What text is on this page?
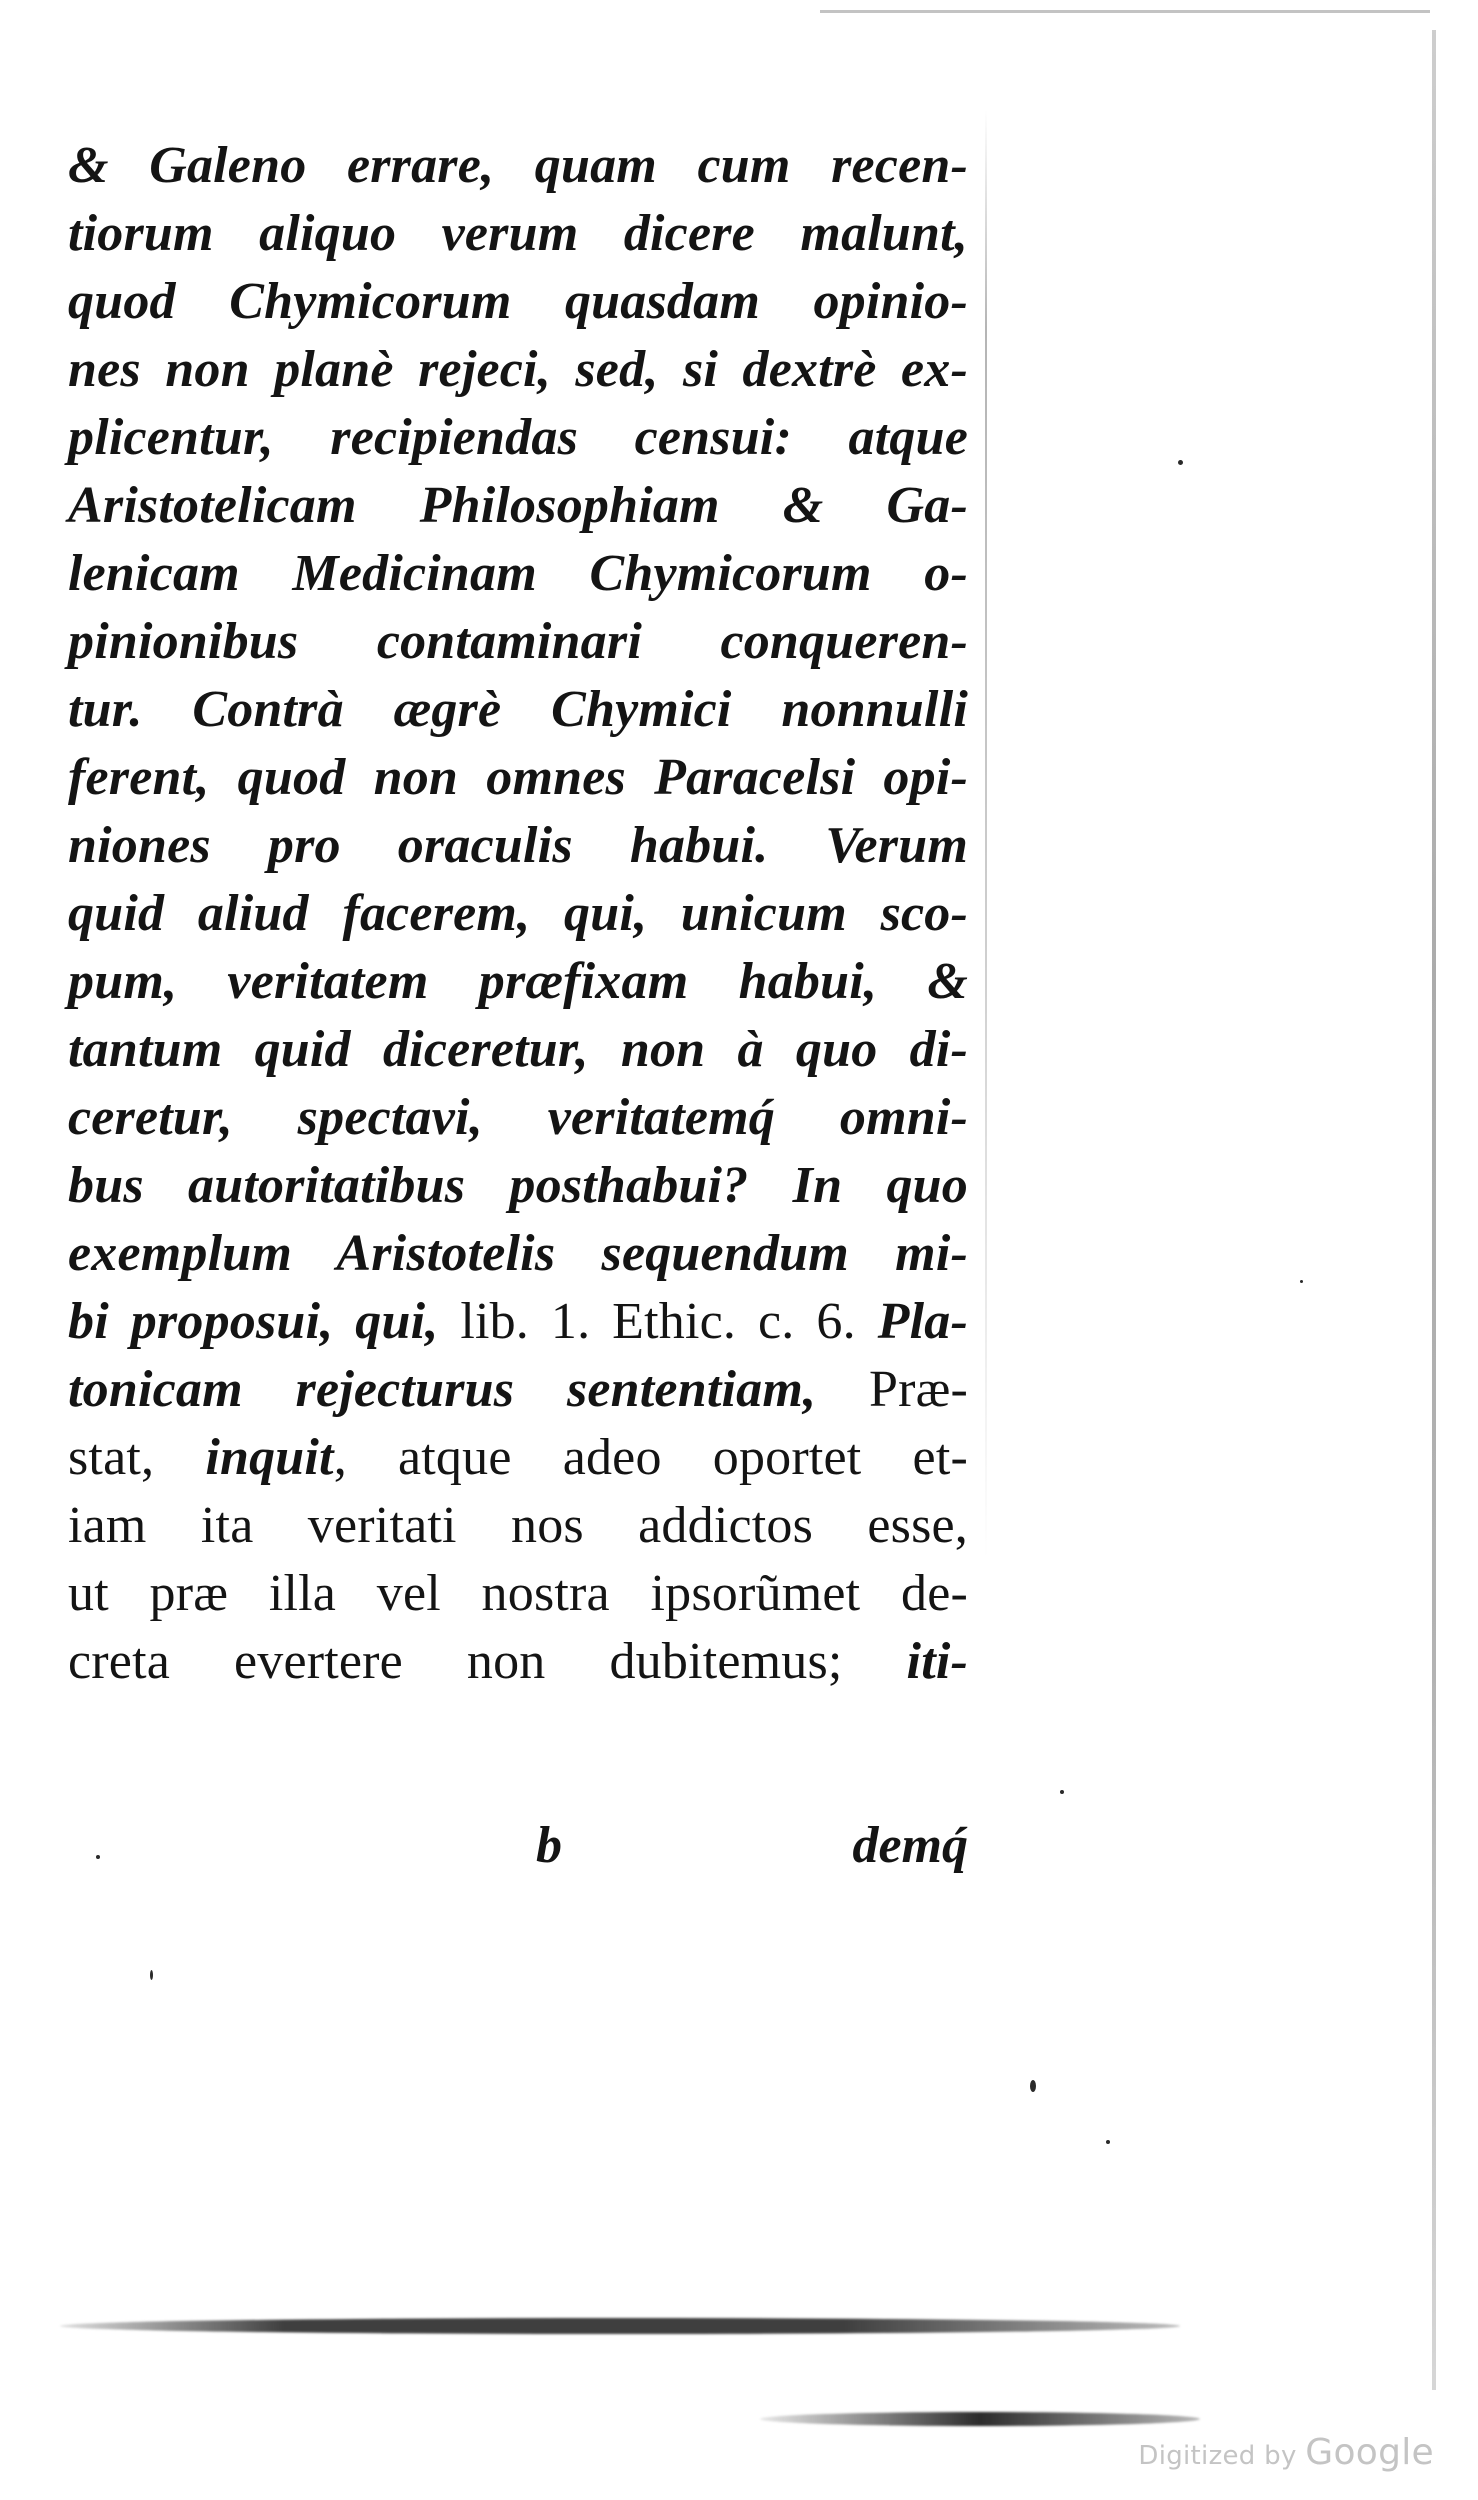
& Galeno errare, quam cum recen-
tiorum aliquo verum dicere malunt,
quod Chymicorum quasdam opinio-
nes non planè rejeci, sed, si dextrè ex-
plicentur, recipiendas censui: atque
Aristotelicam Philosophiam & Ga-
lenicam Medicinam Chymicorum o-
pinionibus contaminari conqueren-
tur. Contrà ægrè Chymici nonnulli
ferent, quod non omnes Paracelsi opi-
niones pro oraculis habui. Verum
quid aliud facerem, qui, unicum sco-
pum, veritatem præfixam habui, &
tantum quid diceretur, non à quo di-
ceretur, spectavi, veritatemq́ omni-
bus autoritatibus posthabui? In quo
exemplum Aristotelis sequendum mi-
bi proposui, qui, lib. 1. Ethic. c. 6. Pla-
tonicam rejecturus sententiam, Præ-
stat, inquit, atque adeo oportet et-
iam ita veritati nos addictos esse,
ut præ illa vel nostra ipsorũmet de-
creta evertere non dubitemus; iti-
b	demq́
Digitized by Google
